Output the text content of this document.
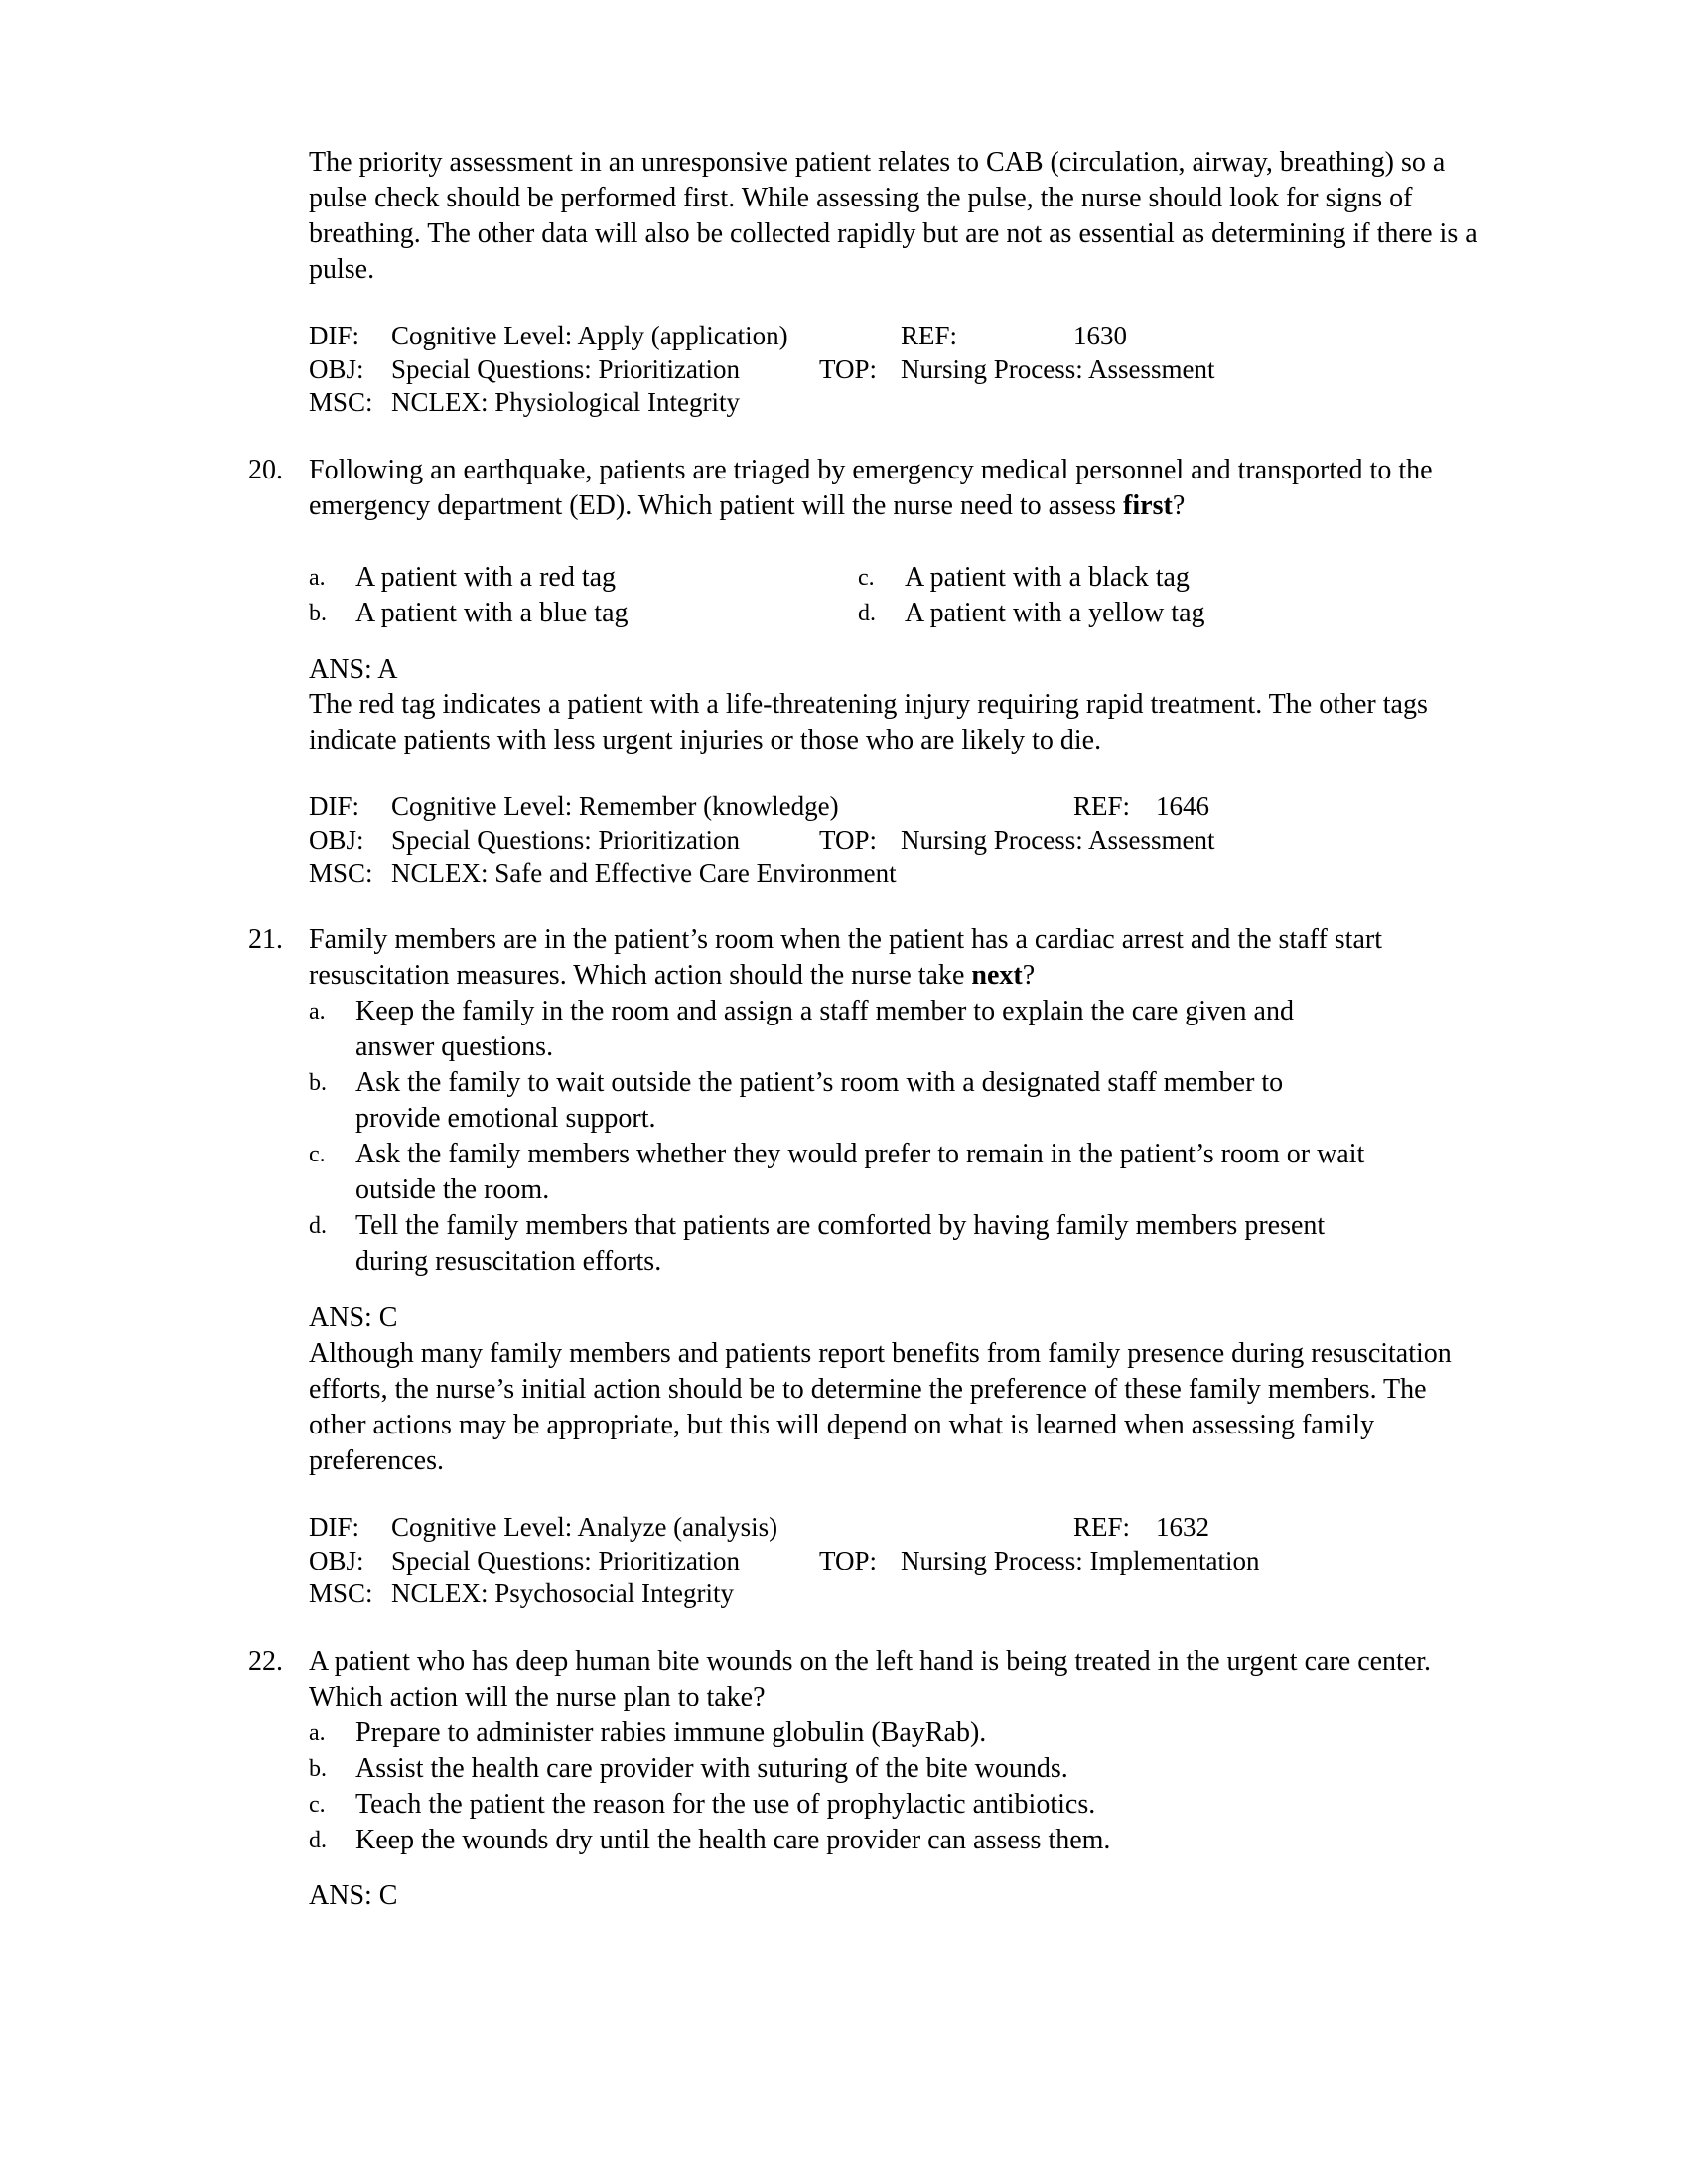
The priority assessment in an unresponsive patient relates to CAB (circulation, airway, breathing) so a pulse check should be performed first. While assessing the pulse, the nurse should look for signs of breathing. The other data will also be collected rapidly but are not as essential as determining if there is a pulse.
DIF: Cognitive Level: Apply (application)	REF:	1630
OBJ: Special Questions: Prioritization	TOP: Nursing Process: Assessment
MSC: NCLEX: Physiological Integrity
20. Following an earthquake, patients are triaged by emergency medical personnel and transported to the emergency department (ED). Which patient will the nurse need to assess first?
a. A patient with a red tag
b. A patient with a blue tag
c. A patient with a black tag
d. A patient with a yellow tag
ANS: A
The red tag indicates a patient with a life-threatening injury requiring rapid treatment. The other tags indicate patients with less urgent injuries or those who are likely to die.
DIF: Cognitive Level: Remember (knowledge)	REF: 1646
OBJ: Special Questions: Prioritization	TOP: Nursing Process: Assessment
MSC: NCLEX: Safe and Effective Care Environment
21. Family members are in the patient’s room when the patient has a cardiac arrest and the staff start resuscitation measures. Which action should the nurse take next?
a. Keep the family in the room and assign a staff member to explain the care given and answer questions.
b. Ask the family to wait outside the patient’s room with a designated staff member to provide emotional support.
c. Ask the family members whether they would prefer to remain in the patient’s room or wait outside the room.
d. Tell the family members that patients are comforted by having family members present during resuscitation efforts.
ANS: C
Although many family members and patients report benefits from family presence during resuscitation efforts, the nurse’s initial action should be to determine the preference of these family members. The other actions may be appropriate, but this will depend on what is learned when assessing family preferences.
DIF: Cognitive Level: Analyze (analysis)	REF: 1632
OBJ: Special Questions: Prioritization	TOP: Nursing Process: Implementation
MSC: NCLEX: Psychosocial Integrity
22. A patient who has deep human bite wounds on the left hand is being treated in the urgent care center. Which action will the nurse plan to take?
a. Prepare to administer rabies immune globulin (BayRab).
b. Assist the health care provider with suturing of the bite wounds.
c. Teach the patient the reason for the use of prophylactic antibiotics.
d. Keep the wounds dry until the health care provider can assess them.
ANS: C
